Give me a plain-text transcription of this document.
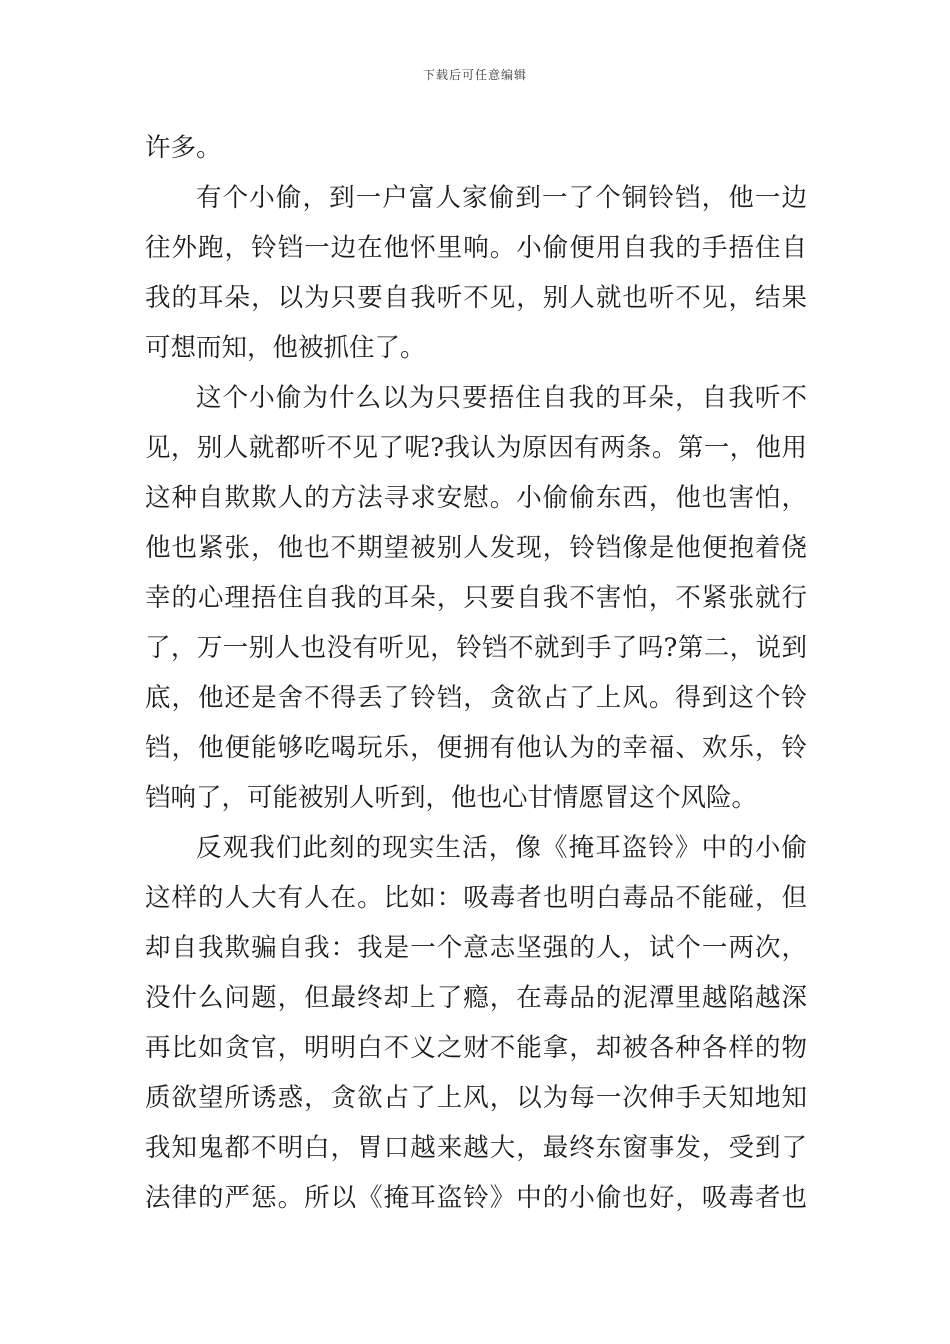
下载后可任意编辑
许多。
有个小偷，到一户富人家偷到一了个铜铃铛，他一边
往外跑，铃铛一边在他怀里响。小偷便用自我的手捂住自
我的耳朵，以为只要自我听不见，别人就也听不见，结果
可想而知，他被抓住了。
这个小偷为什么以为只要捂住自我的耳朵，自我听不
见，别人就都听不见了呢?我认为原因有两条。第一，他用
这种自欺欺人的方法寻求安慰。小偷偷东西，他也害怕，
他也紧张，他也不期望被别人发现，铃铛像是他便抱着侥
幸的心理捂住自我的耳朵，只要自我不害怕，不紧张就行
了，万一别人也没有听见，铃铛不就到手了吗?第二，说到
底，他还是舍不得丢了铃铛，贪欲占了上风。得到这个铃
铛，他便能够吃喝玩乐，便拥有他认为的幸福、欢乐，铃
铛响了，可能被别人听到，他也心甘情愿冒这个风险。
反观我们此刻的现实生活，像《掩耳盗铃》中的小偷
这样的人大有人在。比如：吸毒者也明白毒品不能碰，但
却自我欺骗自我：我是一个意志坚强的人，试个一两次，
没什么问题，但最终却上了瘾，在毒品的泥潭里越陷越深
再比如贪官，明明白不义之财不能拿，却被各种各样的物
质欲望所诱惑，贪欲占了上风，以为每一次伸手天知地知
我知鬼都不明白，胃口越来越大，最终东窗事发，受到了
法律的严惩。所以《掩耳盗铃》中的小偷也好，吸毒者也
